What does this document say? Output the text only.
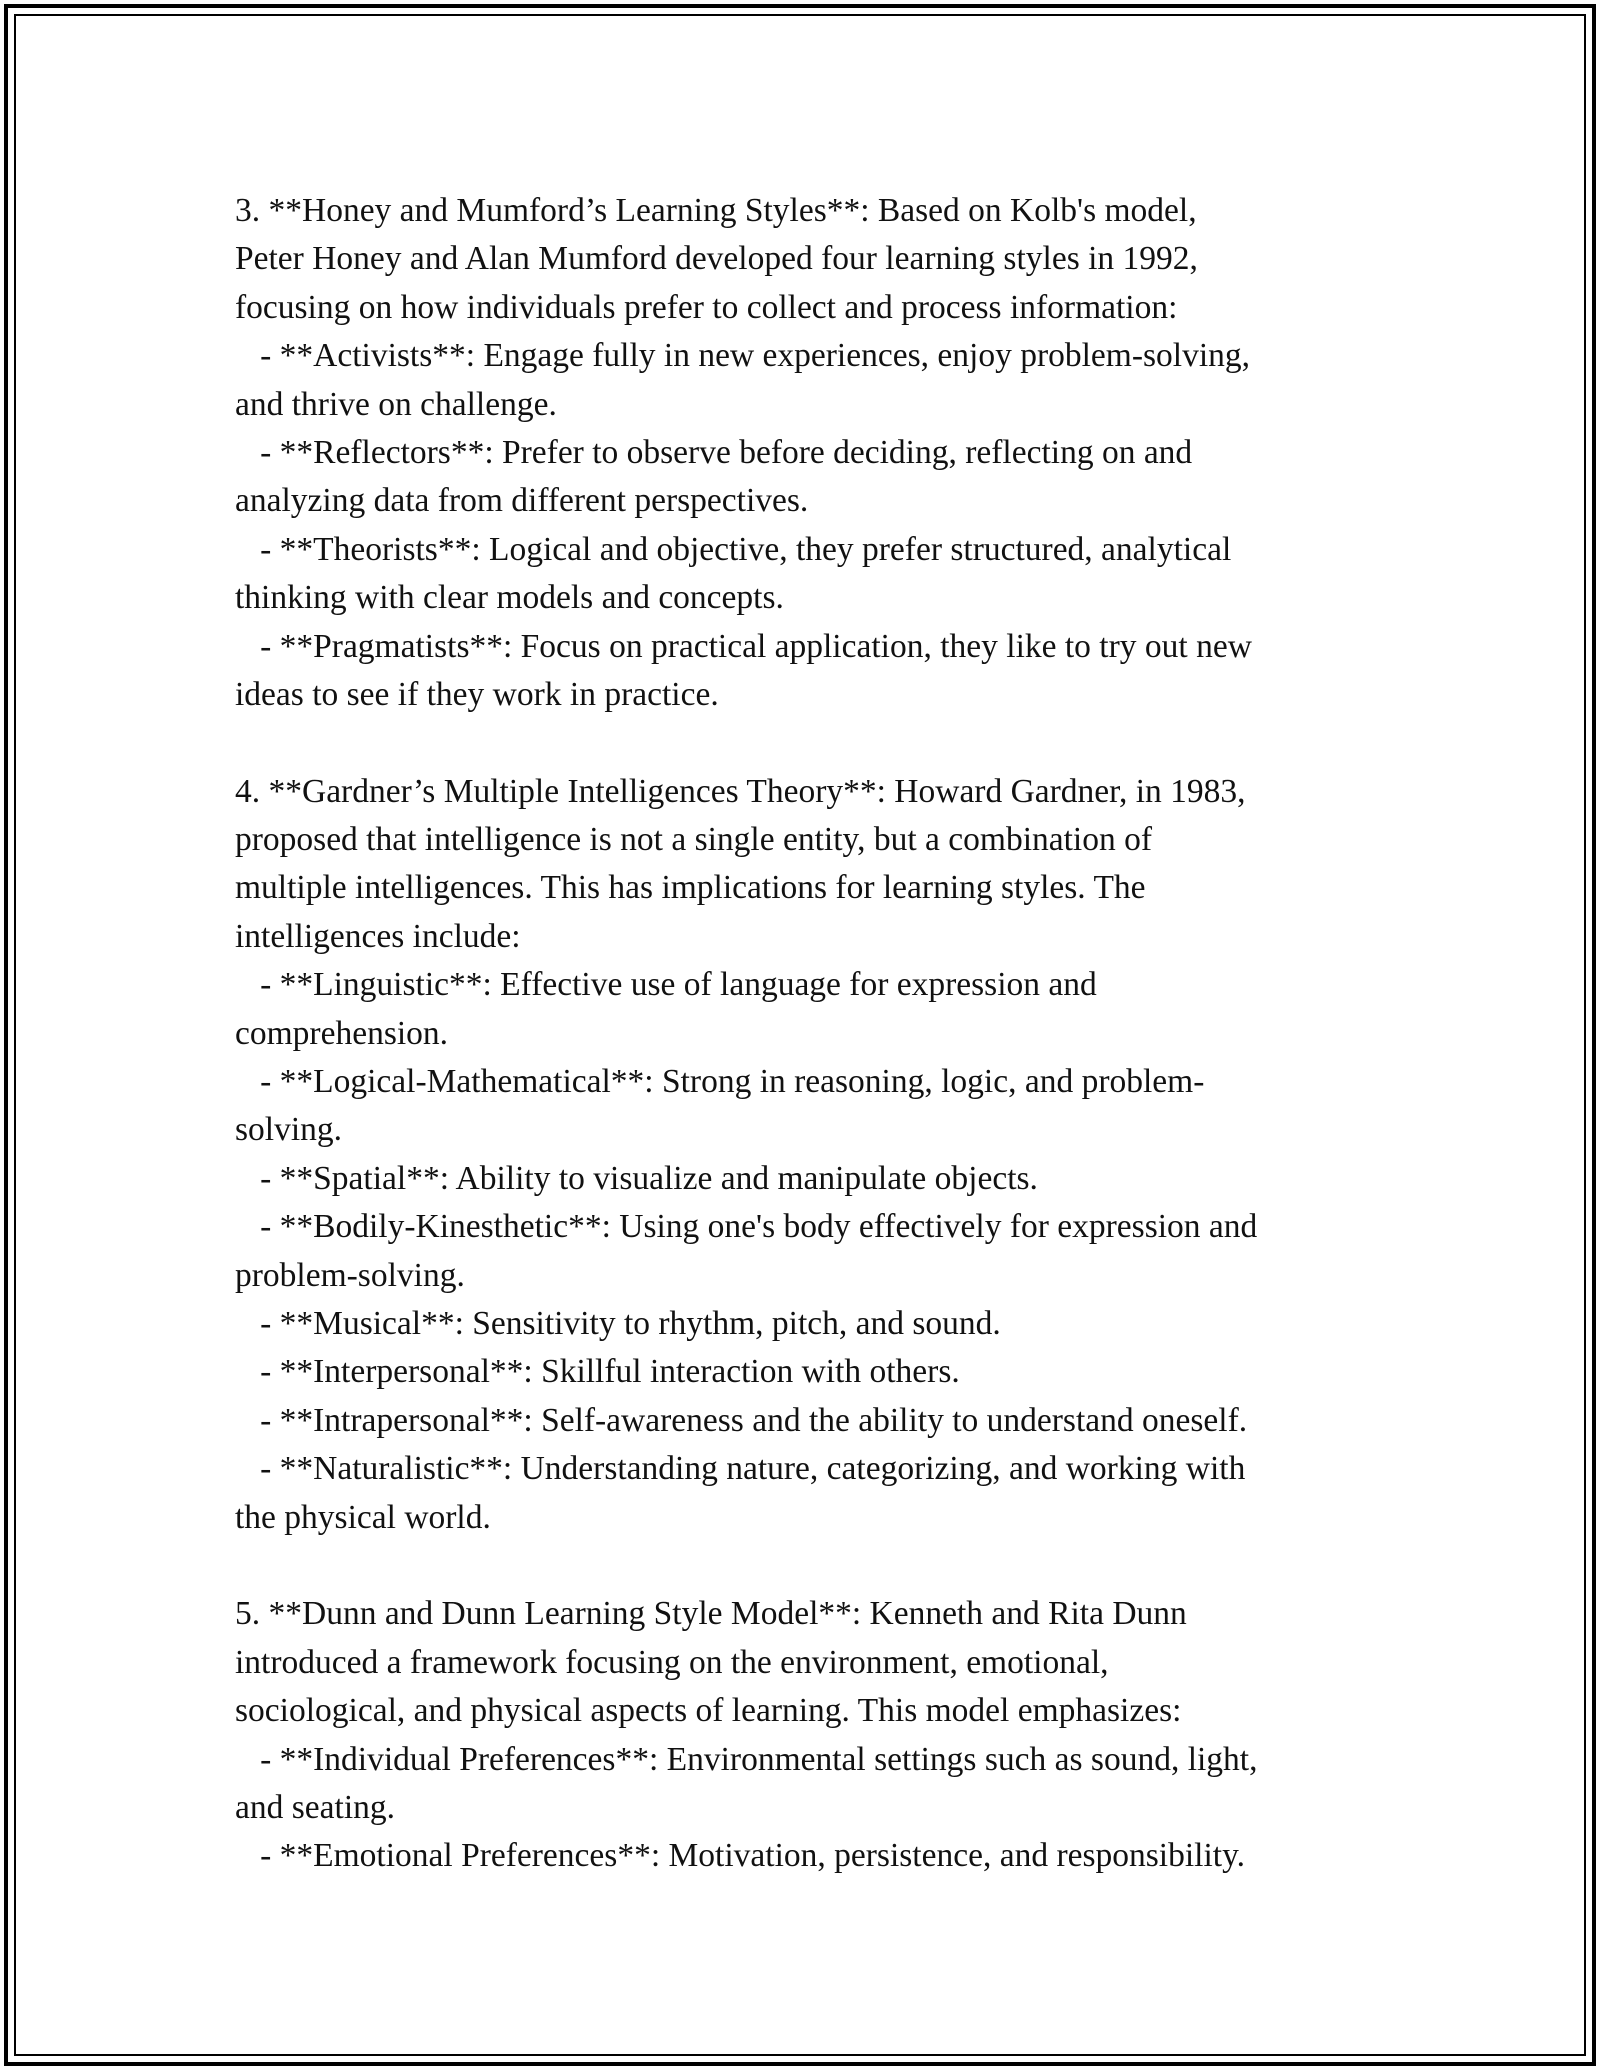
3. **Honey and Mumford’s Learning Styles**: Based on Kolb's model,
Peter Honey and Alan Mumford developed four learning styles in 1992,
focusing on how individuals prefer to collect and process information:
- **Activists**: Engage fully in new experiences, enjoy problem-solving,
and thrive on challenge.
- **Reflectors**: Prefer to observe before deciding, reflecting on and
analyzing data from different perspectives.
- **Theorists**: Logical and objective, they prefer structured, analytical
thinking with clear models and concepts.
- **Pragmatists**: Focus on practical application, they like to try out new
ideas to see if they work in practice.
4. **Gardner’s Multiple Intelligences Theory**: Howard Gardner, in 1983,
proposed that intelligence is not a single entity, but a combination of
multiple intelligences. This has implications for learning styles. The
intelligences include:
- **Linguistic**: Effective use of language for expression and
comprehension.
- **Logical-Mathematical**: Strong in reasoning, logic, and problem-
solving.
- **Spatial**: Ability to visualize and manipulate objects.
- **Bodily-Kinesthetic**: Using one's body effectively for expression and
problem-solving.
- **Musical**: Sensitivity to rhythm, pitch, and sound.
- **Interpersonal**: Skillful interaction with others.
- **Intrapersonal**: Self-awareness and the ability to understand oneself.
- **Naturalistic**: Understanding nature, categorizing, and working with
the physical world.
5. **Dunn and Dunn Learning Style Model**: Kenneth and Rita Dunn
introduced a framework focusing on the environment, emotional,
sociological, and physical aspects of learning. This model emphasizes:
- **Individual Preferences**: Environmental settings such as sound, light,
and seating.
- **Emotional Preferences**: Motivation, persistence, and responsibility.
